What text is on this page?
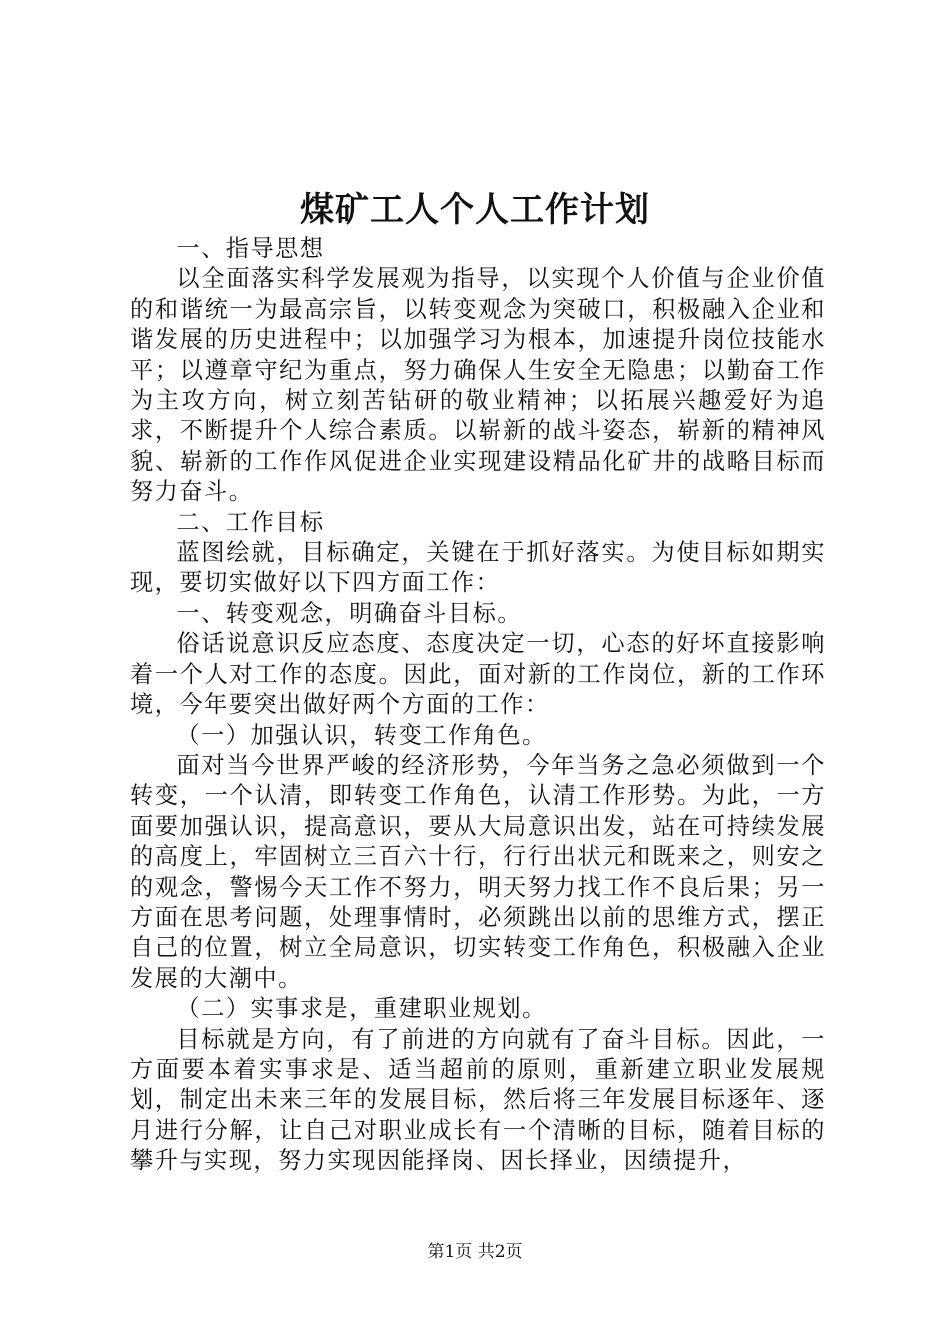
煤矿工人个人工作计划

一、指导思想

以全面落实科学发展观为指导，以实现个人价值与企业价值的和谐统一为最高宗旨，以转变观念为突破口，积极融入企业和谐发展的历史进程中；以加强学习为根本，加速提升岗位技能水平；以遵章守纪为重点，努力确保人生安全无隐患；以勤奋工作为主攻方向，树立刻苦钻研的敬业精神；以拓展兴趣爱好为追求，不断提升个人综合素质。以崭新的战斗姿态，崭新的精神风貌、崭新的工作作风促进企业实现建设精品化矿井的战略目标而努力奋斗。

二、工作目标

蓝图绘就，目标确定，关键在于抓好落实。为使目标如期实现，要切实做好以下四方面工作：

一、转变观念，明确奋斗目标。

俗话说意识反应态度、态度决定一切，心态的好坏直接影响着一个人对工作的态度。因此，面对新的工作岗位，新的工作环境，今年要突出做好两个方面的工作：

（一）加强认识，转变工作角色。

面对当今世界严峻的经济形势，今年当务之急必须做到一个转变，一个认清，即转变工作角色，认清工作形势。为此，一方面要加强认识，提高意识，要从大局意识出发，站在可持续发展的高度上，牢固树立三百六十行，行行出状元和既来之，则安之的观念，警惕今天工作不努力，明天努力找工作不良后果；另一方面在思考问题，处理事情时，必须跳出以前的思维方式，摆正自己的位置，树立全局意识，切实转变工作角色，积极融入企业发展的大潮中。

（二）实事求是，重建职业规划。

目标就是方向，有了前进的方向就有了奋斗目标。因此，一方面要本着实事求是、适当超前的原则，重新建立职业发展规划，制定出未来三年的发展目标，然后将三年发展目标逐年、逐月进行分解，让自己对职业成长有一个清晰的目标，随着目标的攀升与实现，努力实现因能择岗、因长择业，因绩提升，

第1页 共2页
